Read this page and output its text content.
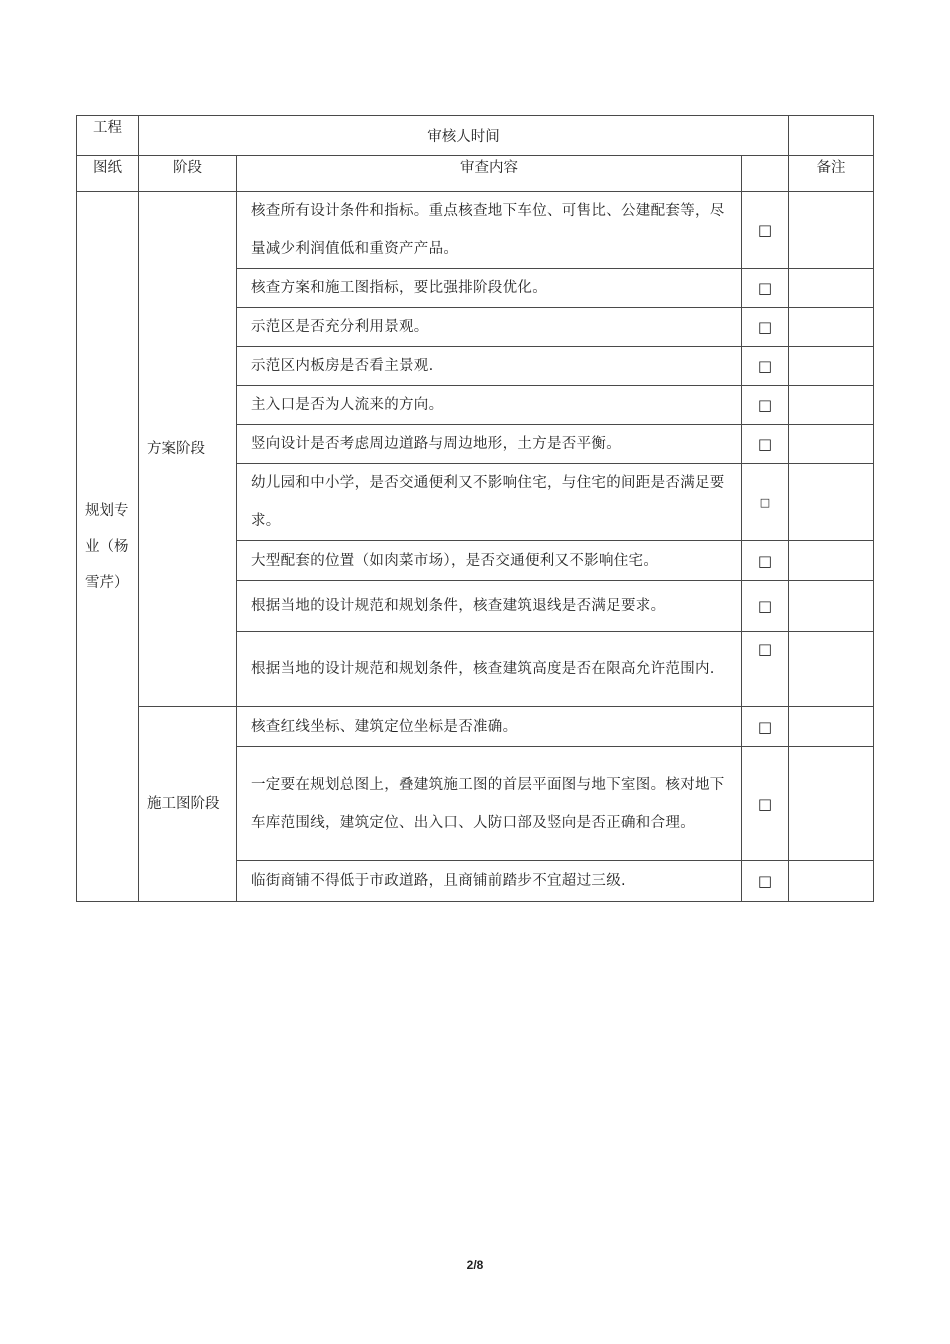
工程	审核人时间			
图纸	阶段	审查内容		备注
规划专业（杨雪芹）	方案阶段	核查所有设计条件和指标。重点核查地下车位、可售比、公建配套等，尽量减少利润值低和重资产产品。	□	
		核查方案和施工图指标，要比强排阶段优化。	□	
		示范区是否充分利用景观。	□	
		示范区内板房是否看主景观.	□	
		主入口是否为人流来的方向。	□	
		竖向设计是否考虑周边道路与周边地形，土方是否平衡。	□	
		幼儿园和中小学，是否交通便利又不影响住宅，与住宅的间距是否满足要求。	□	
		大型配套的位置（如肉菜市场），是否交通便利又不影响住宅。	□	
		根据当地的设计规范和规划条件，核查建筑退线是否满足要求。	□	
		根据当地的设计规范和规划条件，核查建筑高度是否在限高允许范围内.	□	
	施工图阶段	核查红线坐标、建筑定位坐标是否准确。	□	
		一定要在规划总图上，叠建筑施工图的首层平面图与地下室图。核对地下车库范围线，建筑定位、出入口、人防口部及竖向是否正确和合理。	□	
		临街商铺不得低于市政道路，且商铺前踏步不宜超过三级.	□	
2/8
